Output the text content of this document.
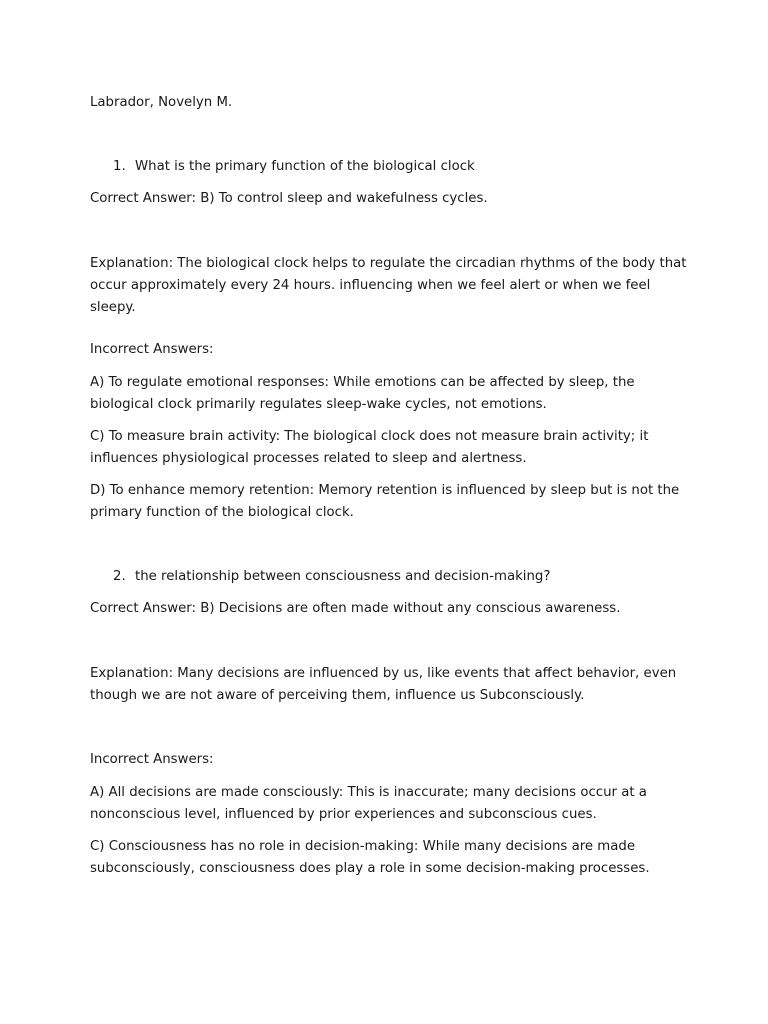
Labrador, Novelyn M.
1. What is the primary function of the biological clock
Correct Answer: B) To control sleep and wakefulness cycles.
Explanation: The biological clock helps to regulate the circadian rhythms of the body that occur approximately every 24 hours. influencing when we feel alert or when we feel sleepy.
Incorrect Answers:
A) To regulate emotional responses: While emotions can be affected by sleep, the biological clock primarily regulates sleep-wake cycles, not emotions.
C) To measure brain activity: The biological clock does not measure brain activity; it influences physiological processes related to sleep and alertness.
D) To enhance memory retention: Memory retention is influenced by sleep but is not the primary function of the biological clock.
2. the relationship between consciousness and decision-making?
Correct Answer: B) Decisions are often made without any conscious awareness.
Explanation: Many decisions are influenced by us, like events that affect behavior, even though we are not aware of perceiving them, influence us Subconsciously.
Incorrect Answers:
A) All decisions are made consciously: This is inaccurate; many decisions occur at a nonconscious level, influenced by prior experiences and subconscious cues.
C) Consciousness has no role in decision-making: While many decisions are made subconsciously, consciousness does play a role in some decision-making processes.
